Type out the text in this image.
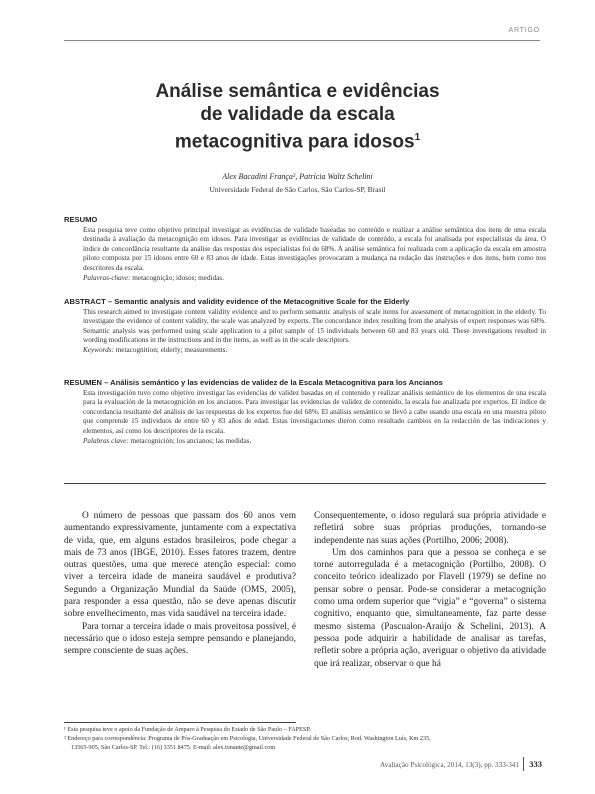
ARTIGO
Análise semântica e evidências
de validade da escala
metacognitiva para idosos$^1$
Alex Bacadini França², Patrícia Waltz Schelini
Universidade Federal de São Carlos, São Carlos-SP, Brasil
RESUMO
Esta pesquisa teve como objetivo principal investigar as evidências de validade baseadas no conteúdo e realizar a análise semântica dos itens de uma escala destinada à avaliação da metacognição em idosos. Para investigar as evidências de validade de conteúdo, a escala foi analisada por especialistas da área. O índice de concordância resultante da análise das respostas dos especialistas foi de 68%. A análise semântica foi realizada com a aplicação da escala em amostra piloto composta por 15 idosos entre 60 e 83 anos de idade. Estas investigações provocaram a mudança na redação das instruções e dos itens, bem como nos descritores da escala.
Palavras-chave: metacognição; idosos; medidas.
ABSTRACT – Semantic analysis and validity evidence of the Metacognitive Scale for the Elderly
This research aimed to investigate content validity evidence and to perform semantic analysis of scale items for assessment of metacognition in the elderly. To investigate the evidence of content validity, the scale was analyzed by experts. The concordance index resulting from the analysis of expert responses was 68%. Semantic analysis was performed using scale application to a pilot sample of 15 individuals between 60 and 83 years old. These investigations resulted in wording modifications in the instructions and in the items, as well as in the scale descriptors.
Keywords: metacognition; elderly; measurements.
RESUMEN – Análisis semántico y las evidencias de validez de la Escala Metacognitiva para los Ancianos
Esta investigación tuvo como objetivo investigar las evidencias de validez basadas en el contenido y realizar análisis semántico de los elementos de una escala para la evaluación de la metacognición en los ancianos. Para investigar las evidencias de validez de contenido, la escala fue analizada por expertos. El índice de concordancia resultante del análisis de las respuestas de los expertos fue del 68%. El análisis semántico se llevó a cabo usando una escala en una muestra piloto que comprende 15 individuos de entre 60 y 83 años de edad. Estas investigaciones dieron como resultado cambios en la redacción de las indicaciones y elementos, así como los descriptores de la escala.
Palabras clave: metacognición; los ancianos; las medidas.

O número de pessoas que passam dos 60 anos vem aumentando expressivamente, juntamente com a expectativa de vida, que, em alguns estados brasileiros, pode chegar a mais de 73 anos (IBGE, 2010). Esses fatores trazem, dentre outras questões, uma que merece atenção especial: como viver a terceira idade de maneira saudável e produtiva? Segundo a Organização Mundial da Saúde (OMS, 2005), para responder a essa questão, não se deve apenas discutir sobre envelhecimento, mas vida saudável na terceira idade.

Para tornar a terceira idade o mais proveitosa possível, é necessário que o idoso esteja sempre pensando e planejando, sempre consciente de suas ações.

Consequentemente, o idoso regulará sua própria atividade e refletirá sobre suas próprias produções, tornando-se independente nas suas ações (Portilho, 2006; 2008).

Um dos caminhos para que a pessoa se conheça e se torne autorregulada é a metacognição (Portilho, 2008). O conceito teórico idealizado por Flavell (1979) se define no pensar sobre o pensar. Pode-se considerar a metacognição como uma ordem superior que “vigia” e “governa” o sistema cognitivo, enquanto que, simultaneamente, faz parte desse mesmo sistema (Pascualon-Araújo & Schelini, 2013). A pessoa pode adquirir a habilidade de analisar as tarefas, refletir sobre a própria ação, averiguar o objetivo da atividade que irá realizar, observar o que há

¹ Esta pesquisa teve o apoio da Fundação de Amparo à Pesquisa do Estado de São Paulo – FAPESP.
² Endereço para correspondência: Programa de Pós-Graduação em Psicologia, Universidade Federal de São Carlos, Rod. Washington Luís, Km 235,
13565-905, São Carlos-SP. Tel.: (16) 3351 8475. E-mail: alex.tonante@gmail.com
Avaliação Psicológica, 2014, 13(3), pp. 333-341	333
